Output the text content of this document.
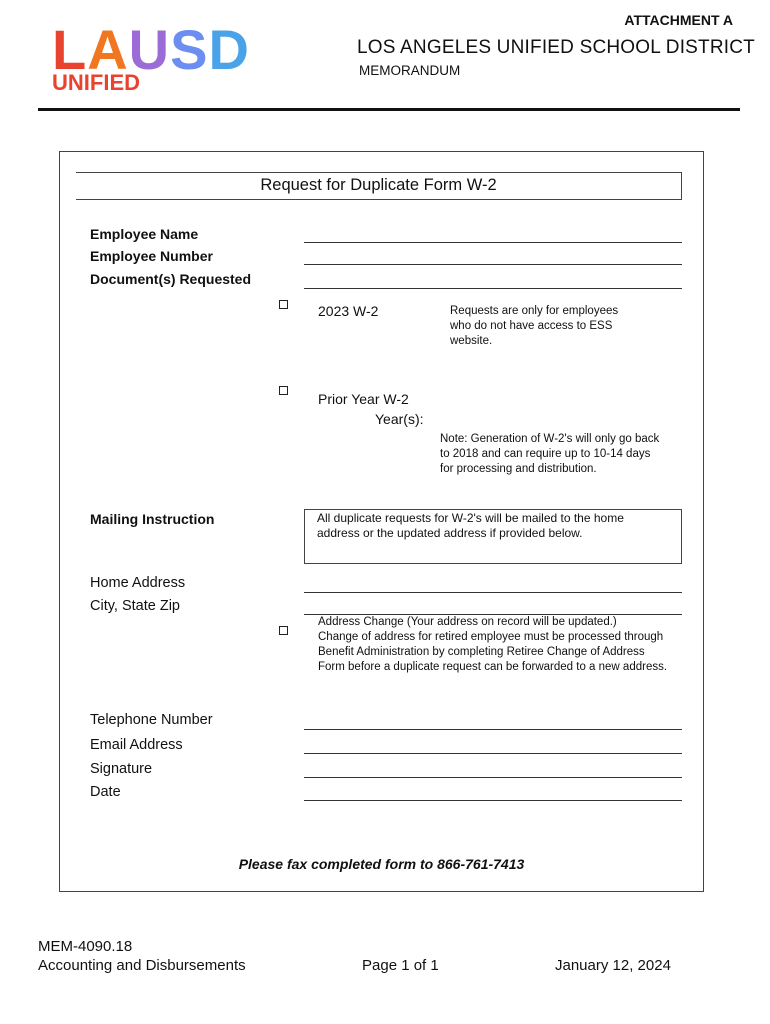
LAUSD
UNIFIED
ATTACHMENT A
LOS ANGELES UNIFIED SCHOOL DISTRICT
MEMORANDUM
Request for Duplicate Form W-2
Employee Name
Employee Number
Document(s) Requested
2023 W-2	Requests are only for employees who do not have access to ESS website.
Prior Year W-2
Year(s):
Note: Generation of W-2's will only go back to 2018 and can require up to 10-14 days for processing and distribution.
Mailing Instruction	All duplicate requests for W-2's will be mailed to the home address or the updated address if provided below.
Home Address
City, State Zip
Address Change (Your address on record will be updated.)
Change of address for retired employee must be processed through Benefit Administration by completing Retiree Change of Address Form before a duplicate request can be forwarded to a new address.
Telephone Number
Email Address
Signature
Date
Please fax completed form to 866-761-7413
MEM-4090.18
Accounting and Disbursements	Page 1 of 1	January 12, 2024
